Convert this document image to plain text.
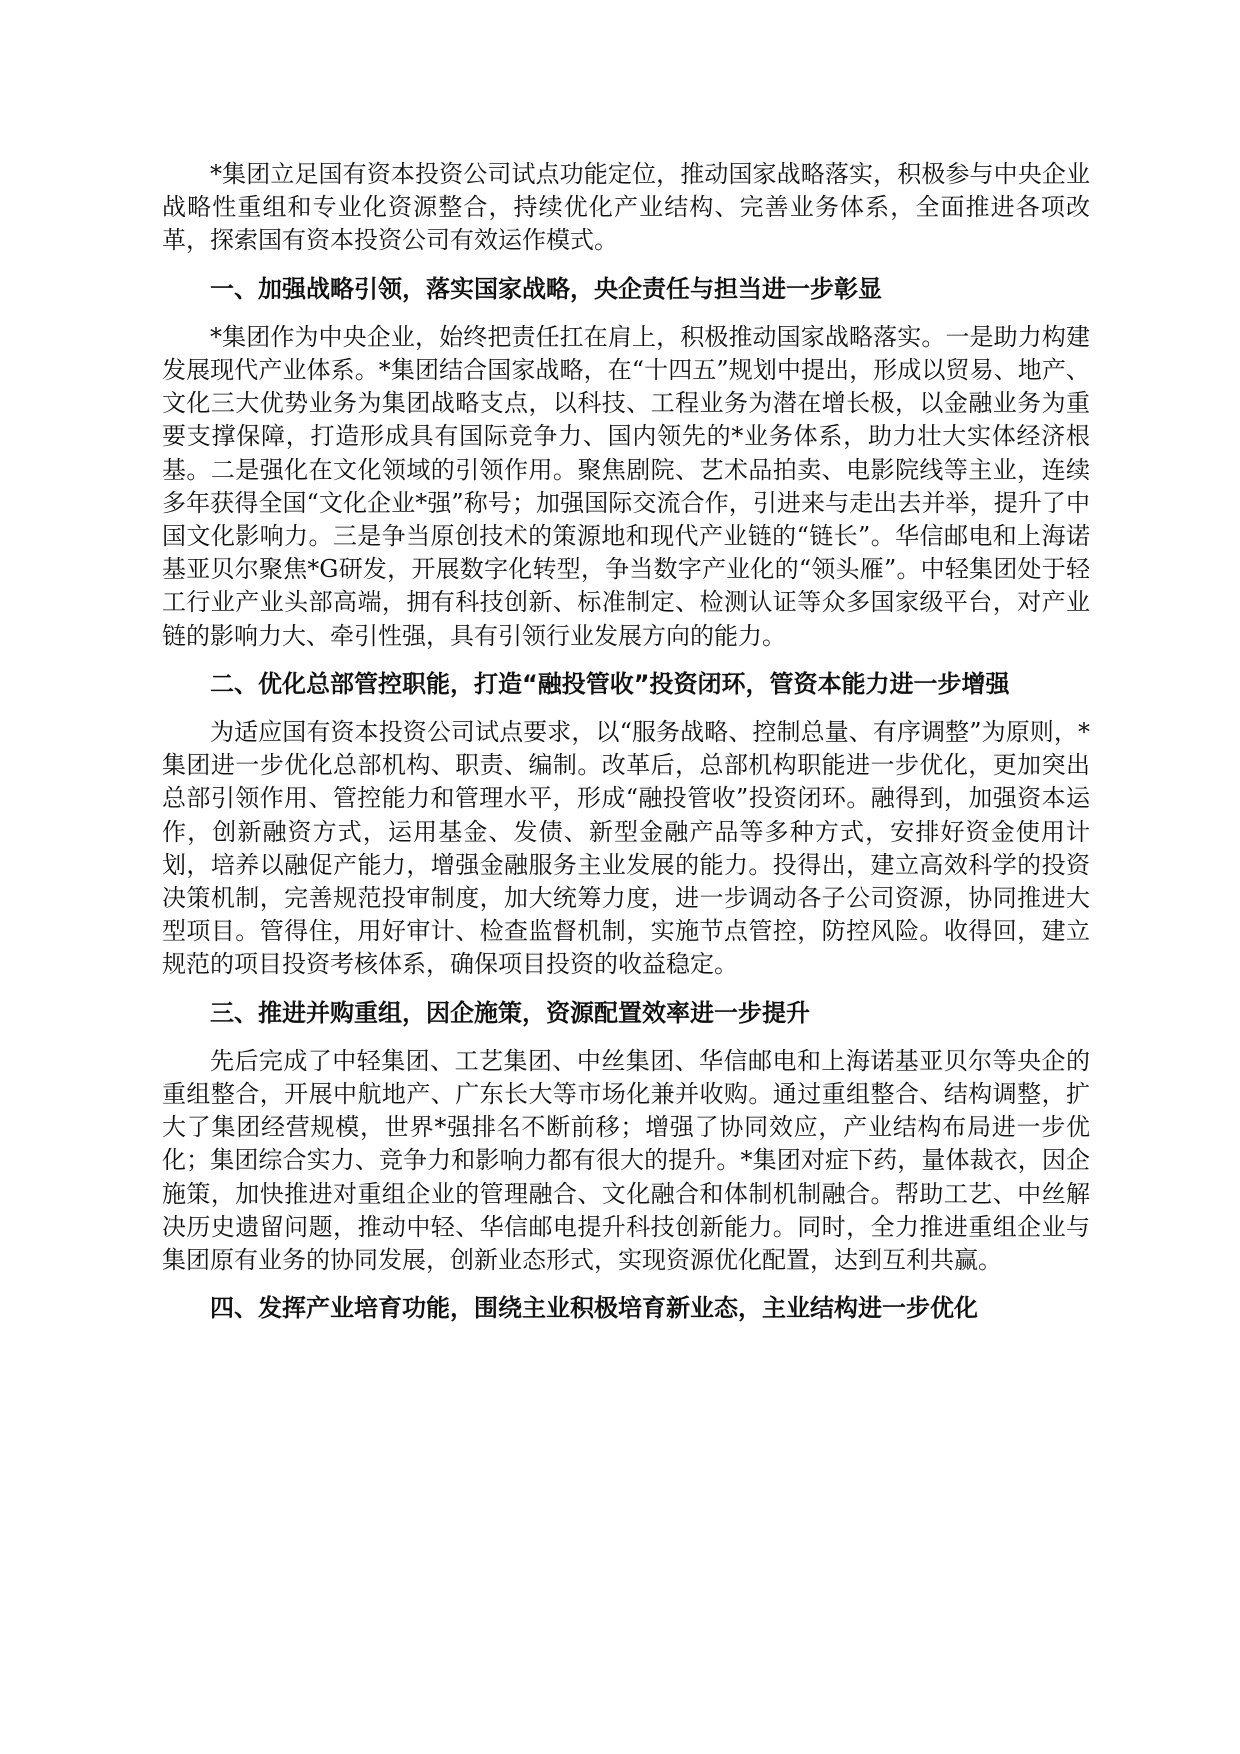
*集团立足国有资本投资公司试点功能定位，推动国家战略落实，积极参与中央企业战略性重组和专业化资源整合，持续优化产业结构、完善业务体系，全面推进各项改革，探索国有资本投资公司有效运作模式。

一、加强战略引领，落实国家战略，央企责任与担当进一步彰显

*集团作为中央企业，始终把责任扛在肩上，积极推动国家战略落实。一是助力构建发展现代产业体系。*集团结合国家战略，在“十四五”规划中提出，形成以贸易、地产、文化三大优势业务为集团战略支点，以科技、工程业务为潜在增长极，以金融业务为重要支撑保障，打造形成具有国际竞争力、国内领先的*业务体系，助力壮大实体经济根基。二是强化在文化领域的引领作用。聚焦剧院、艺术品拍卖、电影院线等主业，连续多年获得全国“文化企业*强”称号；加强国际交流合作，引进来与走出去并举，提升了中国文化影响力。三是争当原创技术的策源地和现代产业链的“链长”。华信邮电和上海诺基亚贝尔聚焦*G研发，开展数字化转型，争当数字产业化的“领头雁”。中轻集团处于轻工行业产业头部高端，拥有科技创新、标准制定、检测认证等众多国家级平台，对产业链的影响力大、牵引性强，具有引领行业发展方向的能力。

二、优化总部管控职能，打造“融投管收”投资闭环，管资本能力进一步增强

为适应国有资本投资公司试点要求，以“服务战略、控制总量、有序调整”为原则，*集团进一步优化总部机构、职责、编制。改革后，总部机构职能进一步优化，更加突出总部引领作用、管控能力和管理水平，形成“融投管收”投资闭环。融得到，加强资本运作，创新融资方式，运用基金、发债、新型金融产品等多种方式，安排好资金使用计划，培养以融促产能力，增强金融服务主业发展的能力。投得出，建立高效科学的投资决策机制，完善规范投审制度，加大统筹力度，进一步调动各子公司资源，协同推进大型项目。管得住，用好审计、检查监督机制，实施节点管控，防控风险。收得回，建立规范的项目投资考核体系，确保项目投资的收益稳定。

三、推进并购重组，因企施策，资源配置效率进一步提升

先后完成了中轻集团、工艺集团、中丝集团、华信邮电和上海诺基亚贝尔等央企的重组整合，开展中航地产、广东长大等市场化兼并收购。通过重组整合、结构调整，扩大了集团经营规模，世界*强排名不断前移；增强了协同效应，产业结构布局进一步优化；集团综合实力、竞争力和影响力都有很大的提升。*集团对症下药，量体裁衣，因企施策，加快推进对重组企业的管理融合、文化融合和体制机制融合。帮助工艺、中丝解决历史遗留问题，推动中轻、华信邮电提升科技创新能力。同时，全力推进重组企业与集团原有业务的协同发展，创新业态形式，实现资源优化配置，达到互利共赢。

四、发挥产业培育功能，围绕主业积极培育新业态，主业结构进一步优化
